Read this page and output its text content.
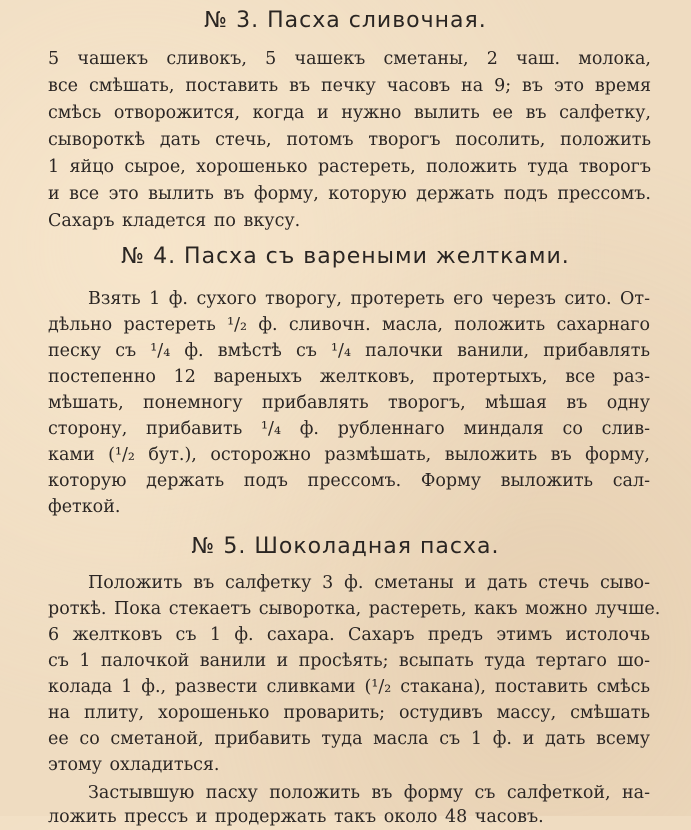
№ 3. Пасха сливочная.
5 чашекъ сливокъ, 5 чашекъ сметаны, 2 чаш. молока,
все смѣшать, поставить въ печку часовъ на 9; въ это время
смѣсь отворожится, когда и нужно вылить ее въ салфетку,
сывороткѣ дать стечь, потомъ творогъ посолить, положить
1 яйцо сырое, хорошенько растереть, положить туда творогъ
и все это вылить въ форму, которую держать подъ прессомъ.
Сахаръ кладется по вкусу.
№ 4. Пасха съ вареными желтками.
Взять 1 ф. сухого творогу, протереть его черезъ сито. От-
дѣльно растереть ¹/₂ ф. сливочн. масла, положить сахарнаго
песку съ ¹/₄ ф. вмѣстѣ съ ¹/₄ палочки ванили, прибавлять
постепенно 12 вареныхъ желтковъ, протертыхъ, все раз-
мѣшать, понемногу прибавлять творогъ, мѣшая въ одну
сторону, прибавить ¹/₄ ф. рубленнаго миндаля со слив-
ками (¹/₂ бут.), осторожно размѣшать, выложить въ форму,
которую держать подъ прессомъ. Форму выложить сал-
феткой.
№ 5. Шоколадная пасха.
Положить въ салфетку 3 ф. сметаны и дать стечь сыво-
роткѣ. Пока стекаетъ сыворотка, растереть, какъ можно лучше.
6 желтковъ съ 1 ф. сахара. Сахаръ предъ этимъ истолочь
съ 1 палочкой ванили и просѣять; всыпать туда тертаго шо-
колада 1 ф., развести сливками (¹/₂ стакана), поставить смѣсь
на плиту, хорошенько проварить; остудивъ массу, смѣшать
ее со сметаной, прибавить туда масла съ 1 ф. и дать всему
этому охладиться.
Застывшую пасху положить въ форму съ салфеткой, на-
ложить прессъ и продержать такъ около 48 часовъ.
